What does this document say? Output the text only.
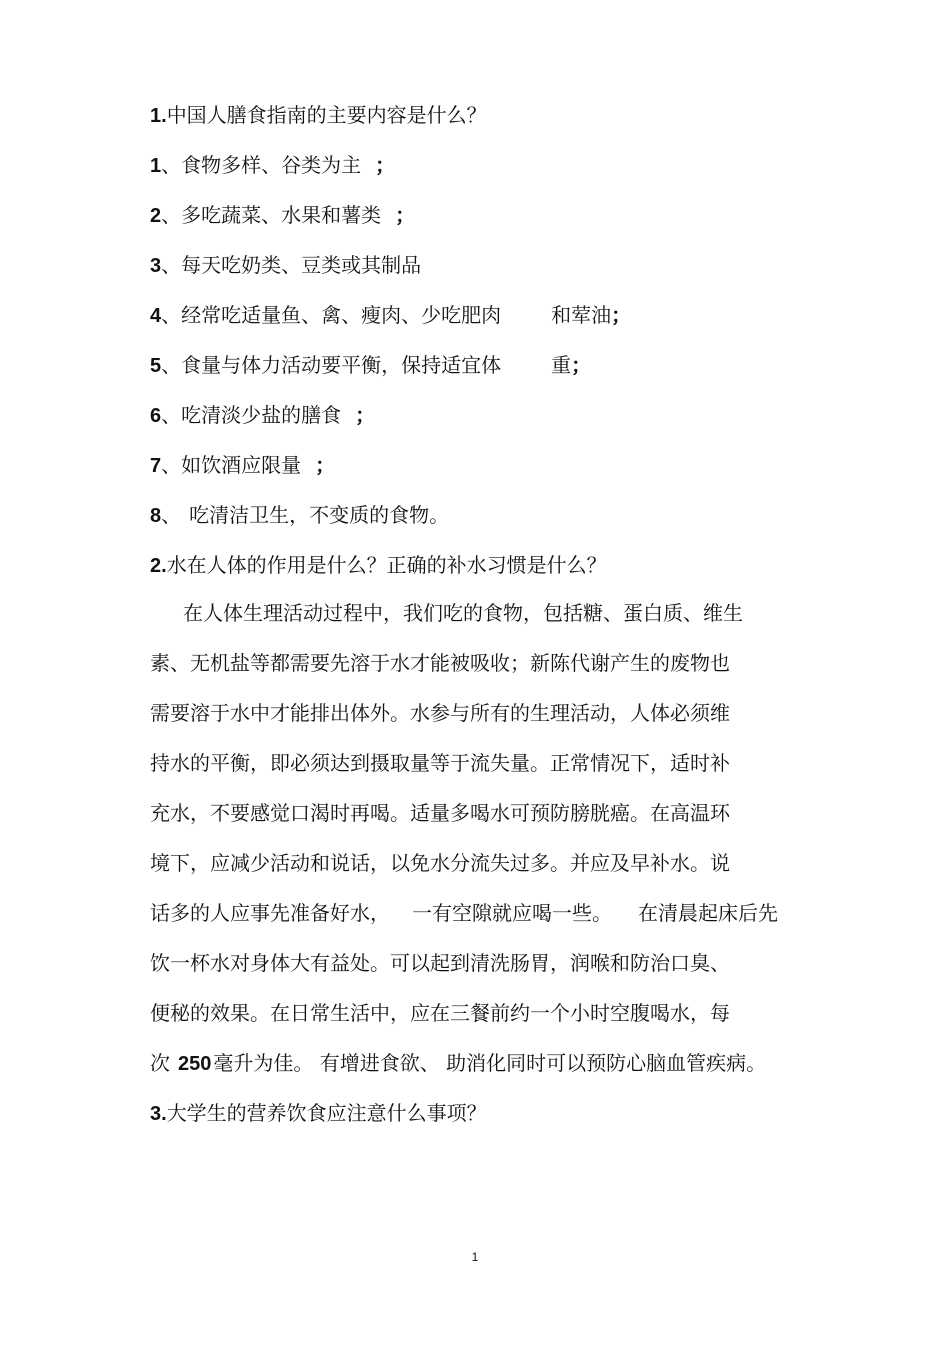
1.中国人膳食指南的主要内容是什么？
1、食物多样、谷类为主 ；
2、多吃蔬菜、水果和薯类 ；
3、每天吃奶类、豆类或其制品
4、经常吃适量鱼、禽、瘦肉、少吃肥肉	和荤油；
5、食量与体力活动要平衡，保持适宜体	重；
6、吃清淡少盐的膳食 ；
7、如饮酒应限量 ；
8、 吃清洁卫生，不变质的食物。
2.水在人体的作用是什么？正确的补水习惯是什么？
在人体生理活动过程中，我们吃的食物，包括糖、蛋白质、维生
素、无机盐等都需要先溶于水才能被吸收；新陈代谢产生的废物也
需要溶于水中才能排出体外。水参与所有的生理活动，人体必须维
持水的平衡，即必须达到摄取量等于流失量。正常情况下，适时补
充水，不要感觉口渴时再喝。适量多喝水可预防膀胱癌。在高温环
境下，应减少活动和说话，以免水分流失过多。并应及早补水。说
话多的人应事先准备好水， 一有空隙就应喝一些。 在清晨起床后先
饮一杯水对身体大有益处。可以起到清洗肠胃，润喉和防治口臭、
便秘的效果。在日常生活中，应在三餐前约一个小时空腹喝水，每
次 250 毫升为佳。 有增进食欲、 助消化同时可以预防心脑血管疾病。
3.大学生的营养饮食应注意什么事项？
1
